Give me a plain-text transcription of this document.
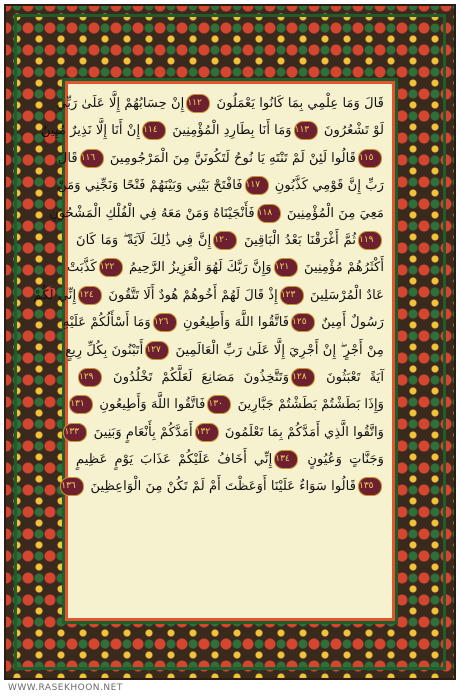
قَالَ وَمَا عِلْمِي بِمَا كَانُوا يَعْمَلُونَ ١١٢إِنْ حِسَابُهُمْ إِلَّا عَلَىٰ رَبِّي
لَوْ تَشْعُرُونَ ١١٣وَمَا أَنَا بِطَارِدِ الْمُؤْمِنِينَ ١١٤إِنْ أَنَا إِلَّا نَذِيرٌ مُبِينٌ
١١٥قَالُوا لَئِنْ لَمْ تَنْتَهِ يَا نُوحُ لَتَكُونَنَّ مِنَ الْمَرْجُومِينَ ١١٦قَالَ
رَبِّ إِنَّ قَوْمِي كَذَّبُونِ ١١٧فَافْتَحْ بَيْنِي وَبَيْنَهُمْ فَتْحًا وَنَجِّنِي وَمَنْ
مَعِيَ مِنَ الْمُؤْمِنِينَ ١١٨فَأَنْجَيْنَاهُ وَمَنْ مَعَهُ فِي الْفُلْكِ الْمَشْحُونِ
١١٩ثُمَّ أَغْرَقْنَا بَعْدُ الْبَاقِينَ ١٢٠إِنَّ فِي ذَٰلِكَ لَآيَةً ۖ وَمَا كَانَ
أَكْثَرُهُمْ مُؤْمِنِينَ ١٢١وَإِنَّ رَبَّكَ لَهُوَ الْعَزِيزُ الرَّحِيمُ ١٢٢كَذَّبَتْ
عَادٌ الْمُرْسَلِينَ ١٢٣إِذْ قَالَ لَهُمْ أَخُوهُمْ هُودٌ أَلَا تَتَّقُونَ ١٢٤إِنِّي لَكُمْ
رَسُولٌ أَمِينٌ ١٢٥فَاتَّقُوا اللَّهَ وَأَطِيعُونِ ١٢٦وَمَا أَسْأَلُكُمْ عَلَيْهِ
مِنْ أَجْرٍ ۖ إِنْ أَجْرِيَ إِلَّا عَلَىٰ رَبِّ الْعَالَمِينَ ١٢٧أَتَبْنُونَ بِكُلِّ رِيعٍ
آيَةً تَعْبَثُونَ ١٢٨وَتَتَّخِذُونَ مَصَانِعَ لَعَلَّكُمْ تَخْلُدُونَ ١٢٩
وَإِذَا بَطَشْتُمْ بَطَشْتُمْ جَبَّارِينَ ١٣٠فَاتَّقُوا اللَّهَ وَأَطِيعُونِ ١٣١
وَاتَّقُوا الَّذِي أَمَدَّكُمْ بِمَا تَعْلَمُونَ ١٣٢أَمَدَّكُمْ بِأَنْعَامٍ وَبَنِينَ ١٣٣
وَجَنَّاتٍ وَعُيُونٍ ١٣٤إِنِّي أَخَافُ عَلَيْكُمْ عَذَابَ يَوْمٍ عَظِيمٍ
١٣٥قَالُوا سَوَاءٌ عَلَيْنَا أَوَعَظْتَ أَمْ لَمْ تَكُنْ مِنَ الْوَاعِظِينَ ١٣٦
WWW.RASEKHOON.NET
